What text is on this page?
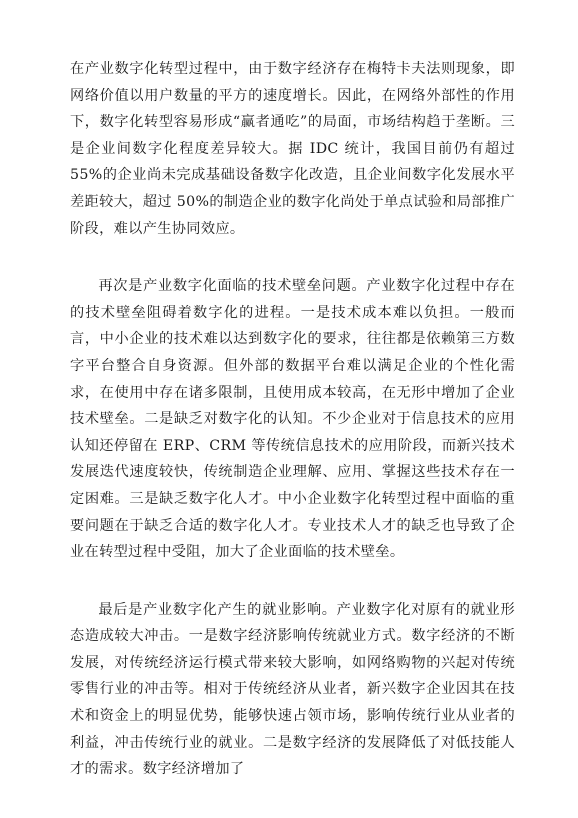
在产业数字化转型过程中，由于数字经济存在梅特卡夫法则现象，即网络价值以用户数量的平方的速度增长。因此，在网络外部性的作用下，数字化转型容易形成“赢者通吃”的局面，市场结构趋于垄断。三是企业间数字化程度差异较大。据 IDC 统计，我国目前仍有超过 55%的企业尚未完成基础设备数字化改造，且企业间数字化发展水平差距较大，超过 50%的制造企业的数字化尚处于单点试验和局部推广阶段，难以产生协同效应。

再次是产业数字化面临的技术壁垒问题。产业数字化过程中存在的技术壁垒阻碍着数字化的进程。一是技术成本难以负担。一般而言，中小企业的技术难以达到数字化的要求，往往都是依赖第三方数字平台整合自身资源。但外部的数据平台难以满足企业的个性化需求，在使用中存在诸多限制，且使用成本较高，在无形中增加了企业技术壁垒。二是缺乏对数字化的认知。不少企业对于信息技术的应用认知还停留在 ERP、CRM 等传统信息技术的应用阶段，而新兴技术发展迭代速度较快，传统制造企业理解、应用、掌握这些技术存在一定困难。三是缺乏数字化人才。中小企业数字化转型过程中面临的重要问题在于缺乏合适的数字化人才。专业技术人才的缺乏也导致了企业在转型过程中受阻，加大了企业面临的技术壁垒。

最后是产业数字化产生的就业影响。产业数字化对原有的就业形态造成较大冲击。一是数字经济影响传统就业方式。数字经济的不断发展，对传统经济运行模式带来较大影响，如网络购物的兴起对传统零售行业的冲击等。相对于传统经济从业者，新兴数字企业因其在技术和资金上的明显优势，能够快速占领市场，影响传统行业从业者的利益，冲击传统行业的就业。二是数字经济的发展降低了对低技能人才的需求。数字经济增加了
